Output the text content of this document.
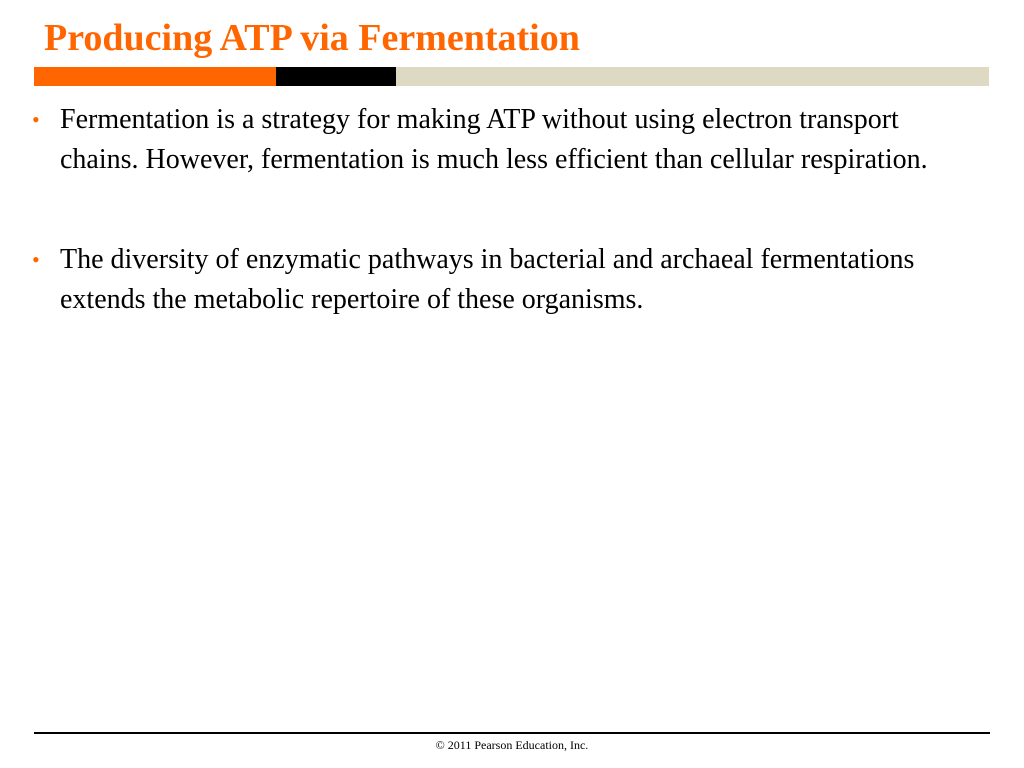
Producing ATP via Fermentation
• Fermentation is a strategy for making ATP without using electron transport chains. However, fermentation is much less efficient than cellular respiration.
• The diversity of enzymatic pathways in bacterial and archaeal fermentations extends the metabolic repertoire of these organisms.
© 2011 Pearson Education, Inc.
